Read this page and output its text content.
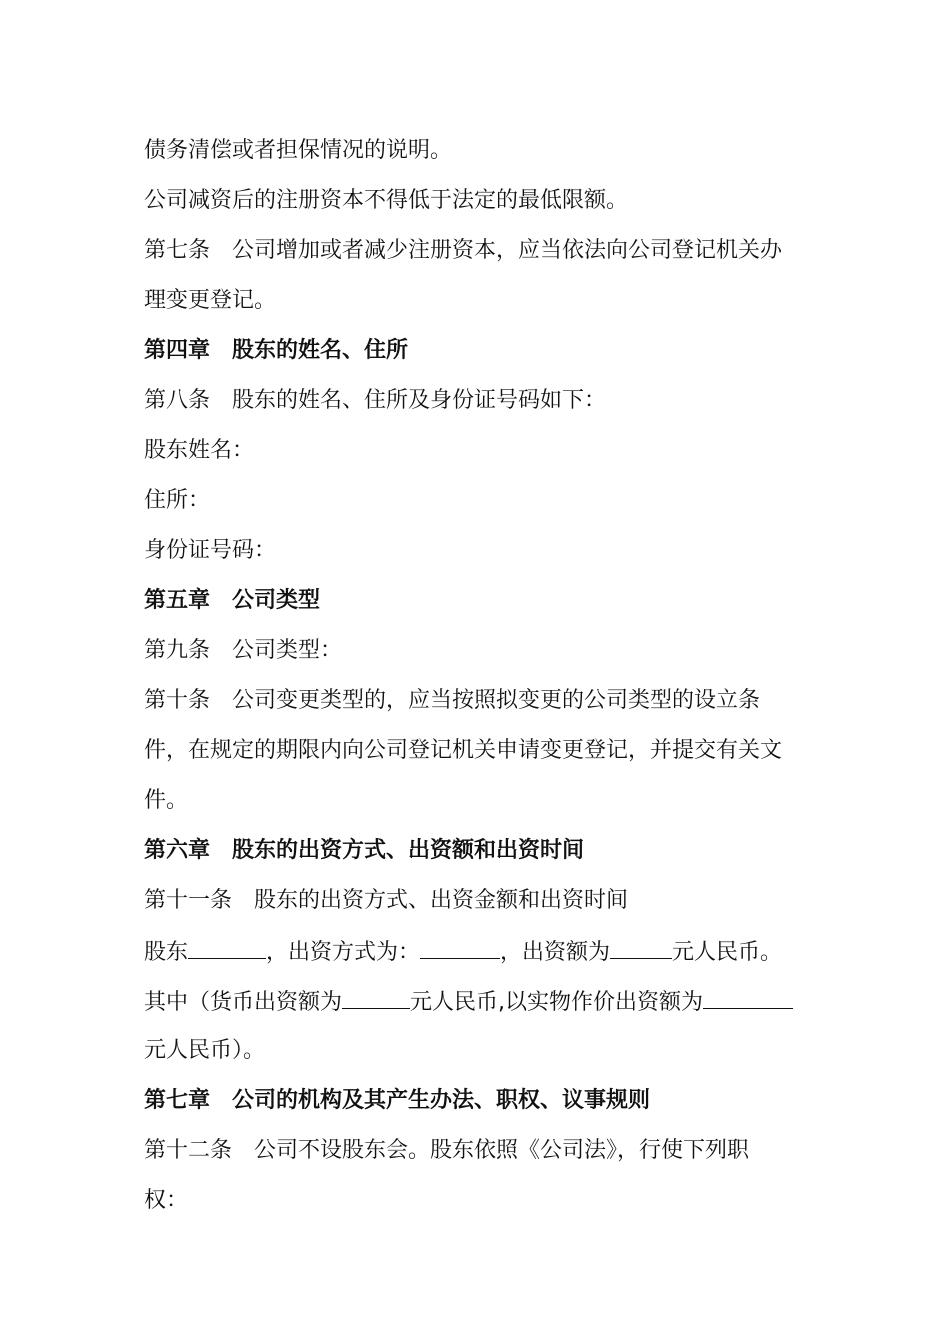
债务清偿或者担保情况的说明。
公司减资后的注册资本不得低于法定的最低限额。
第七条 公司增加或者减少注册资本，应当依法向公司登记机关办
理变更登记。
第四章 股东的姓名、住所
第八条 股东的姓名、住所及身份证号码如下：
股东姓名：
住所：
身份证号码：
第五章 公司类型
第九条 公司类型：
第十条 公司变更类型的，应当按照拟变更的公司类型的设立条
件，在规定的期限内向公司登记机关申请变更登记，并提交有关文
件。
第六章 股东的出资方式、出资额和出资时间
第十一条 股东的出资方式、出资金额和出资时间
股东	，出资方式为：	，出资额为	元人民币。
其中（货币出资额为	元人民币,以实物作价出资额为
元人民币）。
第七章 公司的机构及其产生办法、职权、议事规则
第十二条 公司不设股东会。股东依照《公司法》，行使下列职
权：
